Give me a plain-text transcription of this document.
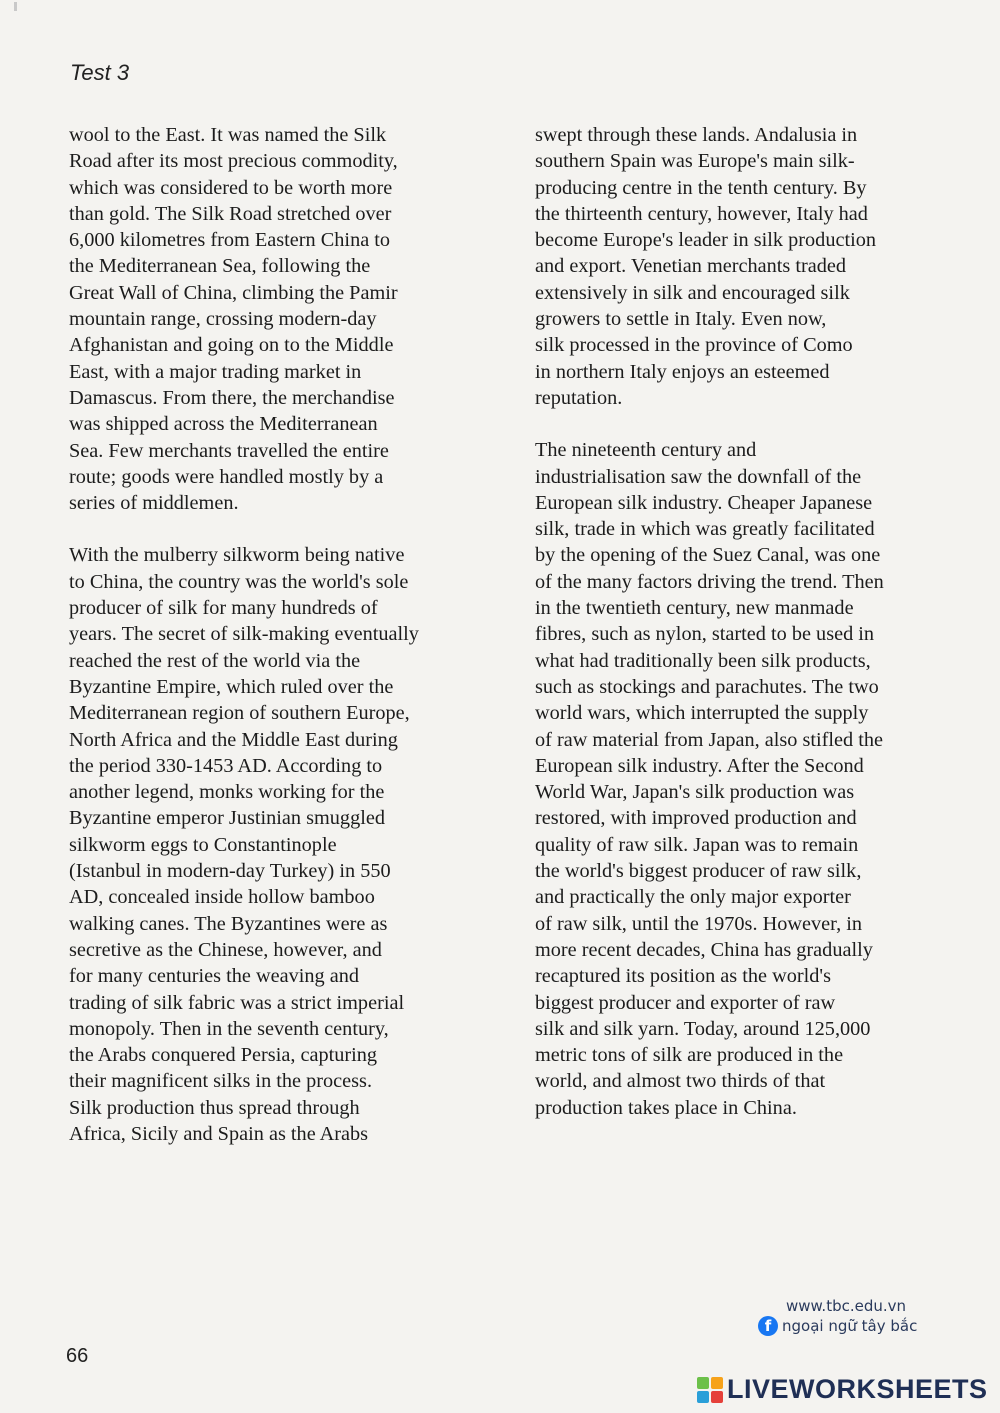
Test 3

wool to the East. It was named the Silk
Road after its most precious commodity,
which was considered to be worth more
than gold. The Silk Road stretched over
6,000 kilometres from Eastern China to
the Mediterranean Sea, following the
Great Wall of China, climbing the Pamir
mountain range, crossing modern-day
Afghanistan and going on to the Middle
East, with a major trading market in
Damascus. From there, the merchandise
was shipped across the Mediterranean
Sea. Few merchants travelled the entire
route; goods were handled mostly by a
series of middlemen.

With the mulberry silkworm being native
to China, the country was the world's sole
producer of silk for many hundreds of
years. The secret of silk-making eventually
reached the rest of the world via the
Byzantine Empire, which ruled over the
Mediterranean region of southern Europe,
North Africa and the Middle East during
the period 330-1453 AD. According to
another legend, monks working for the
Byzantine emperor Justinian smuggled
silkworm eggs to Constantinople
(Istanbul in modern-day Turkey) in 550
AD, concealed inside hollow bamboo
walking canes. The Byzantines were as
secretive as the Chinese, however, and
for many centuries the weaving and
trading of silk fabric was a strict imperial
monopoly. Then in the seventh century,
the Arabs conquered Persia, capturing
their magnificent silks in the process.
Silk production thus spread through
Africa, Sicily and Spain as the Arabs

swept through these lands. Andalusia in
southern Spain was Europe's main silk-
producing centre in the tenth century. By
the thirteenth century, however, Italy had
become Europe's leader in silk production
and export. Venetian merchants traded
extensively in silk and encouraged silk
growers to settle in Italy. Even now,
silk processed in the province of Como
in northern Italy enjoys an esteemed
reputation.

The nineteenth century and
industrialisation saw the downfall of the
European silk industry. Cheaper Japanese
silk, trade in which was greatly facilitated
by the opening of the Suez Canal, was one
of the many factors driving the trend. Then
in the twentieth century, new manmade
fibres, such as nylon, started to be used in
what had traditionally been silk products,
such as stockings and parachutes. The two
world wars, which interrupted the supply
of raw material from Japan, also stifled the
European silk industry. After the Second
World War, Japan's silk production was
restored, with improved production and
quality of raw silk. Japan was to remain
the world's biggest producer of raw silk,
and practically the only major exporter
of raw silk, until the 1970s. However, in
more recent decades, China has gradually
recaptured its position as the world's
biggest producer and exporter of raw
silk and silk yarn. Today, around 125,000
metric tons of silk are produced in the
world, and almost two thirds of that
production takes place in China.

www.tbc.edu.vn
f ngoại ngữ tây bắc
66
LIVEWORKSHEETS
